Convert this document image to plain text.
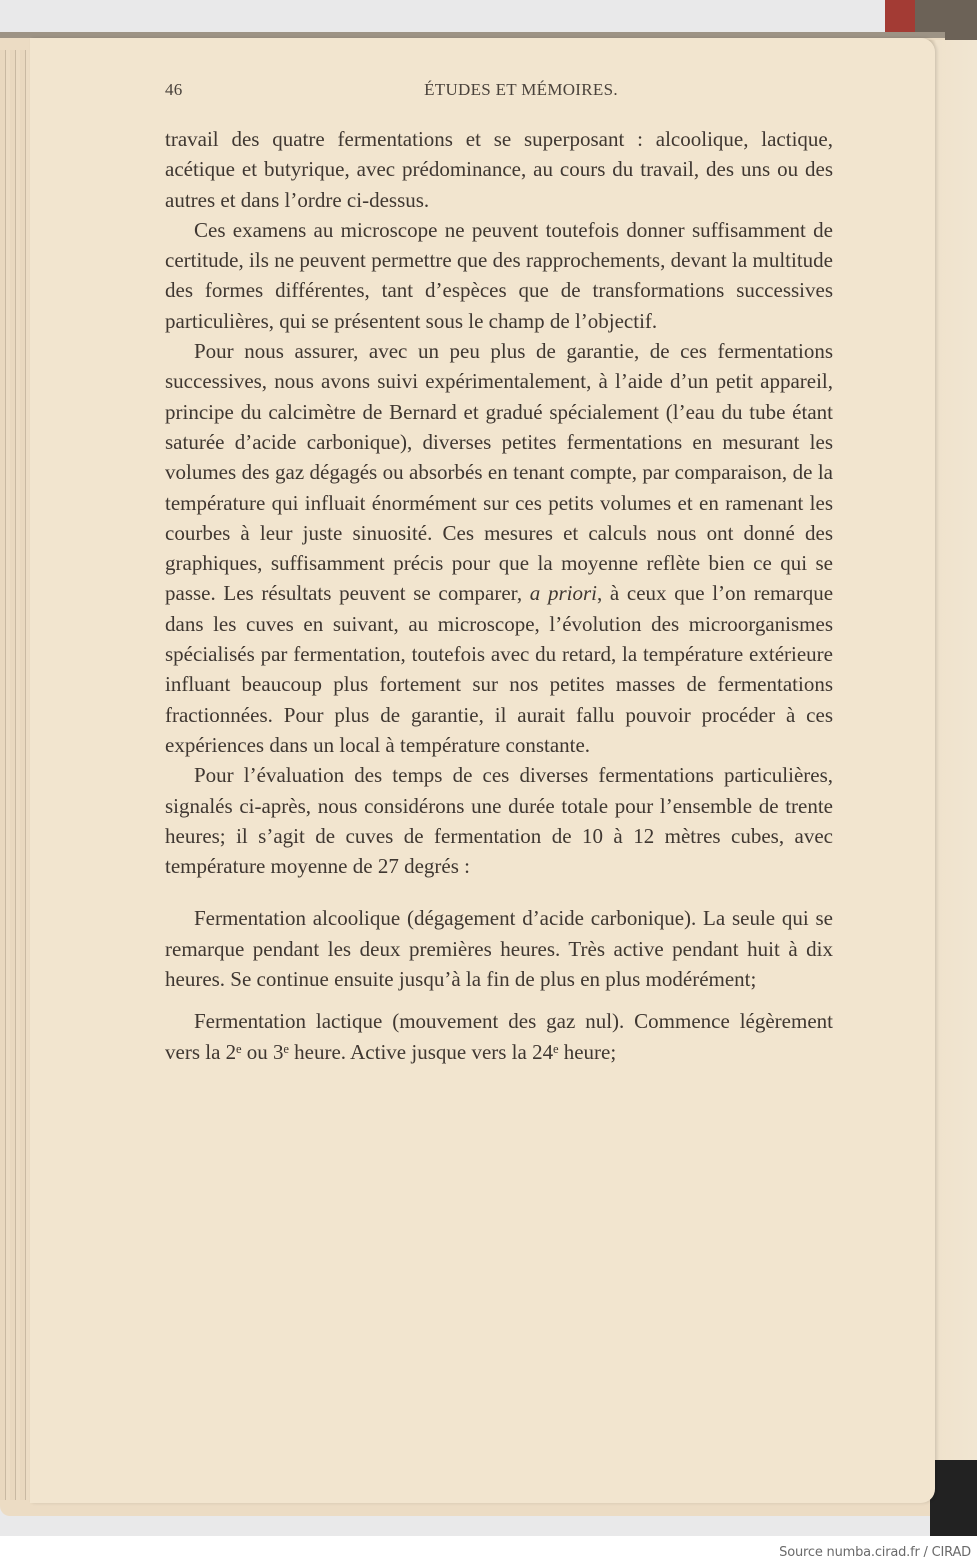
46	ÉTUDES ET MÉMOIRES.

travail des quatre fermentations et se superposant : alcoolique, lactique, acétique et butyrique, avec prédominance, au cours du travail, des uns ou des autres et dans l’ordre ci-dessus.

Ces examens au microscope ne peuvent toutefois donner suffisamment de certitude, ils ne peuvent permettre que des rapprochements, devant la multitude des formes différentes, tant d’espèces que de transformations successives particulières, qui se présentent sous le champ de l’objectif.

Pour nous assurer, avec un peu plus de garantie, de ces fermentations successives, nous avons suivi expérimentalement, à l’aide d’un petit appareil, principe du calcimètre de Bernard et gradué spécialement (l’eau du tube étant saturée d’acide carbonique), diverses petites fermentations en mesurant les volumes des gaz dégagés ou absorbés en tenant compte, par comparaison, de la température qui influait énormément sur ces petits volumes et en ramenant les courbes à leur juste sinuosité. Ces mesures et calculs nous ont donné des graphiques, suffisamment précis pour que la moyenne reflète bien ce qui se passe. Les résultats peuvent se comparer, a priori, à ceux que l’on remarque dans les cuves en suivant, au microscope, l’évolution des microorganismes spécialisés par fermentation, toutefois avec du retard, la température extérieure influant beaucoup plus fortement sur nos petites masses de fermentations fractionnées. Pour plus de garantie, il aurait fallu pouvoir procéder à ces expériences dans un local à température constante.

Pour l’évaluation des temps de ces diverses fermentations particulières, signalés ci-après, nous considérons une durée totale pour l’ensemble de trente heures; il s’agit de cuves de fermentation de 10 à 12 mètres cubes, avec température moyenne de 27 degrés :

Fermentation alcoolique (dégagement d’acide carbonique). La seule qui se remarque pendant les deux premières heures. Très active pendant huit à dix heures. Se continue ensuite jusqu’à la fin de plus en plus modérément;

Fermentation lactique (mouvement des gaz nul). Commence légèrement vers la 2ᵉ ou 3ᵉ heure. Active jusque vers la 24ᵉ heure;

Source numba.cirad.fr / CIRAD
